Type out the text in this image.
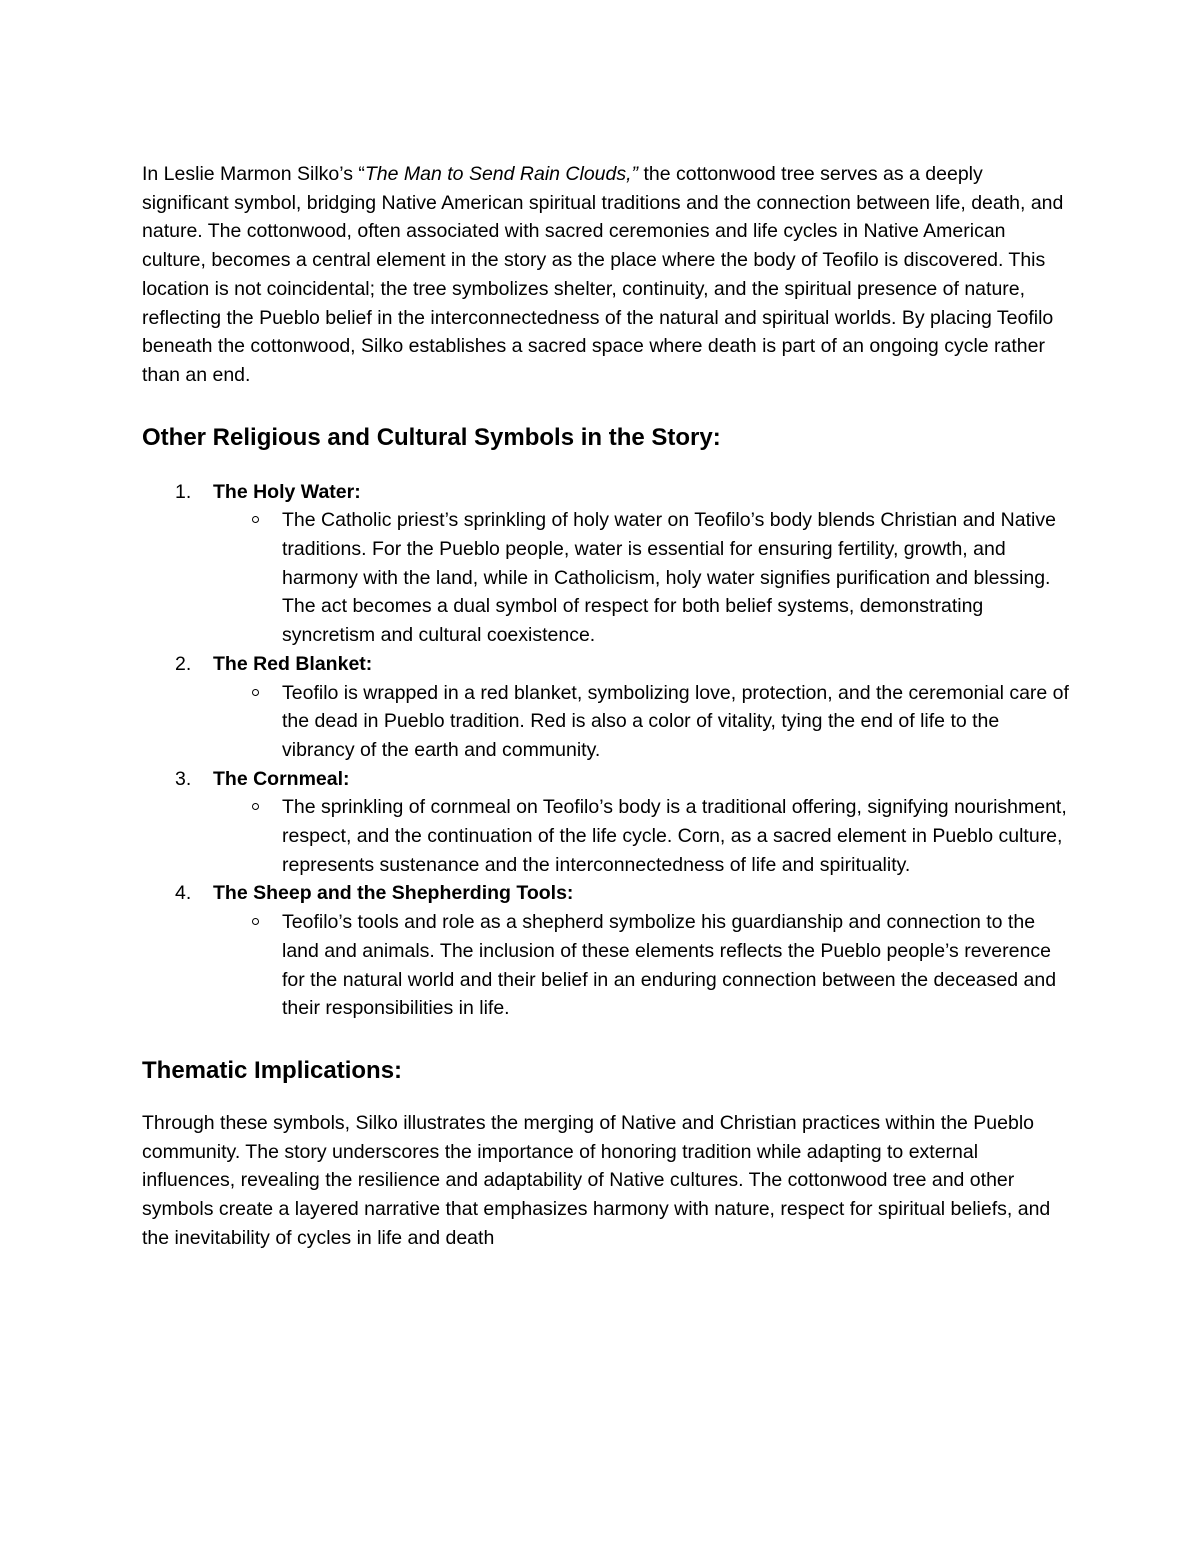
In Leslie Marmon Silko’s “The Man to Send Rain Clouds,” the cottonwood tree serves as a deeply significant symbol, bridging Native American spiritual traditions and the connection between life, death, and nature. The cottonwood, often associated with sacred ceremonies and life cycles in Native American culture, becomes a central element in the story as the place where the body of Teofilo is discovered. This location is not coincidental; the tree symbolizes shelter, continuity, and the spiritual presence of nature, reflecting the Pueblo belief in the interconnectedness of the natural and spiritual worlds. By placing Teofilo beneath the cottonwood, Silko establishes a sacred space where death is part of an ongoing cycle rather than an end.

Other Religious and Cultural Symbols in the Story:
1. The Holy Water:

The Catholic priest’s sprinkling of holy water on Teofilo’s body blends Christian and Native traditions. For the Pueblo people, water is essential for ensuring fertility, growth, and harmony with the land, while in Catholicism, holy water signifies purification and blessing. The act becomes a dual symbol of respect for both belief systems, demonstrating syncretism and cultural coexistence.

2. The Red Blanket:

Teofilo is wrapped in a red blanket, symbolizing love, protection, and the ceremonial care of the dead in Pueblo tradition. Red is also a color of vitality, tying the end of life to the vibrancy of the earth and community.

3. The Cornmeal:

The sprinkling of cornmeal on Teofilo’s body is a traditional offering, signifying nourishment, respect, and the continuation of the life cycle. Corn, as a sacred element in Pueblo culture, represents sustenance and the interconnectedness of life and spirituality.

4. The Sheep and the Shepherding Tools:

Teofilo’s tools and role as a shepherd symbolize his guardianship and connection to the land and animals. The inclusion of these elements reflects the Pueblo people’s reverence for the natural world and their belief in an enduring connection between the deceased and their responsibilities in life.

Thematic Implications:

Through these symbols, Silko illustrates the merging of Native and Christian practices within the Pueblo community. The story underscores the importance of honoring tradition while adapting to external influences, revealing the resilience and adaptability of Native cultures. The cottonwood tree and other symbols create a layered narrative that emphasizes harmony with nature, respect for spiritual beliefs, and the inevitability of cycles in life and death
